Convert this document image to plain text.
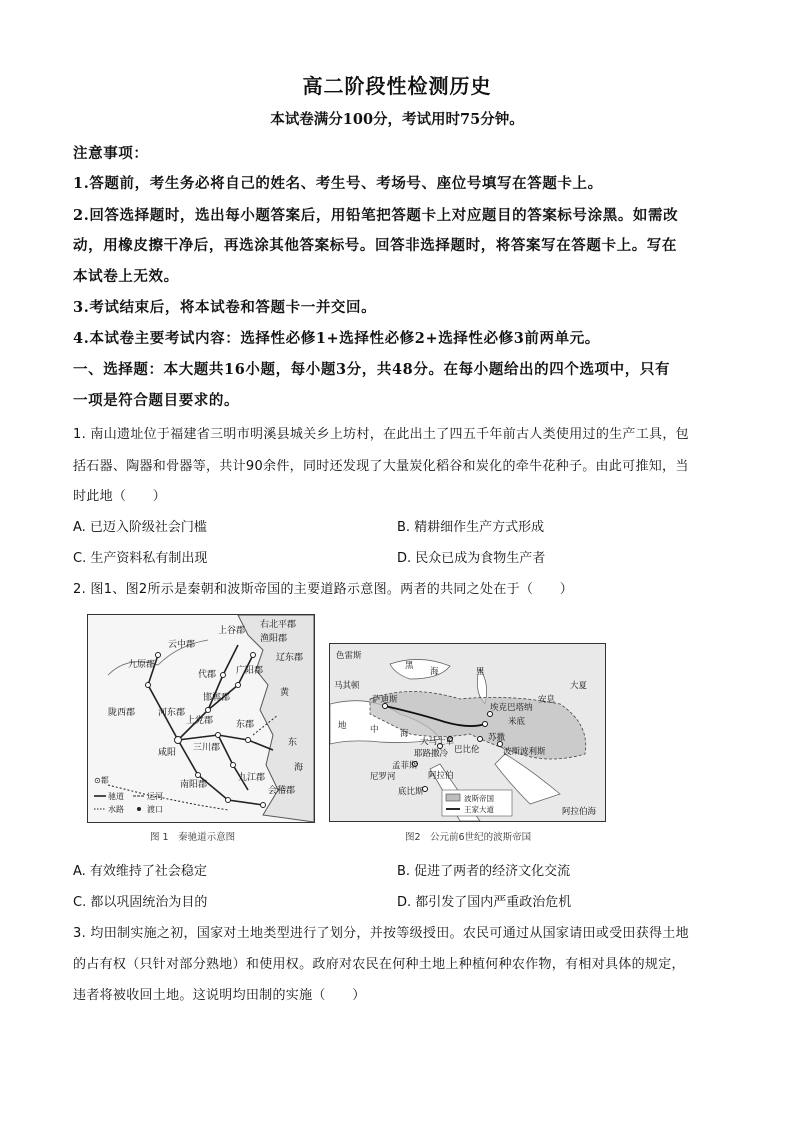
高二阶段性检测历史
本试卷满分100分，考试用时75分钟。
注意事项：
1.答题前，考生务必将自己的姓名、考生号、考场号、座位号填写在答题卡上。
2.回答选择题时，选出每小题答案后，用铅笔把答题卡上对应题目的答案标号涂黑。如需改
动，用橡皮擦干净后，再选涂其他答案标号。回答非选择题时，将答案写在答题卡上。写在
本试卷上无效。
3.考试结束后，将本试卷和答题卡一并交回。
4.本试卷主要考试内容：选择性必修1+选择性必修2+选择性必修3前两单元。
一、选择题：本大题共16小题，每小题3分，共48分。在每小题给出的四个选项中，只有
一项是符合题目要求的。
1. 南山遗址位于福建省三明市明溪县城关乡上坊村，在此出土了四五千年前古人类使用过的生产工具，包
括石器、陶器和骨器等，共计90余件，同时还发现了大量炭化稻谷和炭化的牵牛花种子。由此可推知，当
时此地（　　）
A. 已迈入阶级社会门槛	B. 精耕细作生产方式形成
C. 生产资料私有制出现	D. 民众已成为食物生产者
2. 图1、图2所示是秦朝和波斯帝国的主要道路示意图。两者的共同之处在于（　　）
上谷郡
右北平郡
渔阳郡
云中郡
九原郡
代郡 广阳郡
辽东郡
邯郸郡
上党郡
河东郡
东郡
陇西郡
咸阳 三川郡
南阳郡
九江郡
会稽郡
东
海
黄
⊙都
驰道	运河
水路	渡口
图 1　秦驰道示意图
色雷斯
马其顿
萨迪斯
黑
海	里
地	中	海
埃克巴塔纳
巴比伦
苏撒
波斯波利斯
孟菲斯
底比斯
阿拉伯
大夏
安息
米底
耶路撒冷
大马士革
尼罗河
阿拉伯海
波斯帝国
王家大道
图2　公元前6世纪的波斯帝国
A. 有效维持了社会稳定	B. 促进了两者的经济文化交流
C. 都以巩固统治为目的	D. 都引发了国内严重政治危机
3. 均田制实施之初，国家对土地类型进行了划分，并按等级授田。农民可通过从国家请田或受田获得土地
的占有权（只针对部分熟地）和使用权。政府对农民在何种土地上种植何种农作物，有相对具体的规定，
违者将被收回土地。这说明均田制的实施（　　）
